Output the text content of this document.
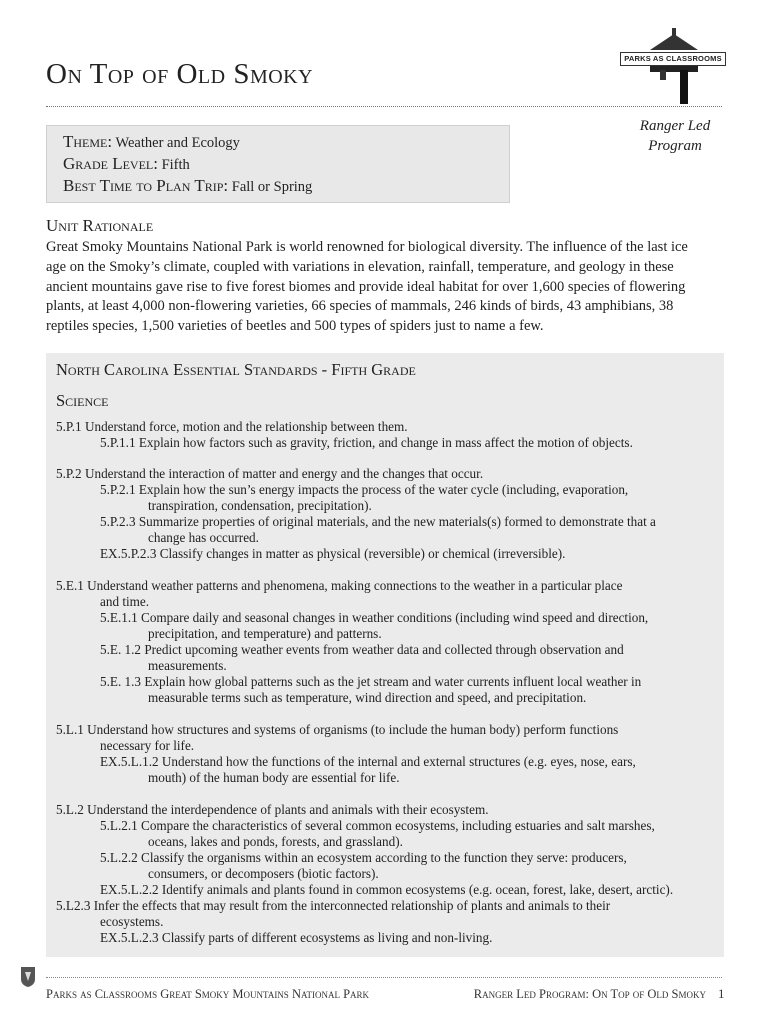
On Top of Old Smoky	PARKS AS CLASSROOMS
Ranger Led
Program
Theme: Weather and Ecology
Grade Level: Fifth
Best Time to Plan Trip: Fall or Spring
Unit Rationale
Great Smoky Mountains National Park is world renowned for biological diversity. The influence of the last ice
age on the Smoky’s climate, coupled with variations in elevation, rainfall, temperature, and geology in these
ancient mountains gave rise to five forest biomes and provide ideal habitat for over 1,600 species of flowering
plants, at least 4,000 non-flowering varieties, 66 species of mammals, 246 kinds of birds, 43 amphibians, 38
reptiles species, 1,500 varieties of beetles and 500 types of spiders just to name a few.
North Carolina Essential Standards - Fifth Grade
Science
5.P.1 Understand force, motion and the relationship between them.
5.P.1.1 Explain how factors such as gravity, friction, and change in mass affect the motion of objects.
5.P.2 Understand the interaction of matter and energy and the changes that occur.
5.P.2.1 Explain how the sun’s energy impacts the process of the water cycle (including, evaporation,
transpiration, condensation, precipitation).
5.P.2.3 Summarize properties of original materials, and the new materials(s) formed to demonstrate that a
change has occurred.
EX.5.P.2.3 Classify changes in matter as physical (reversible) or chemical (irreversible).
5.E.1 Understand weather patterns and phenomena, making connections to the weather in a particular place
and time.
5.E.1.1 Compare daily and seasonal changes in weather conditions (including wind speed and direction,
precipitation, and temperature) and patterns.
5.E. 1.2 Predict upcoming weather events from weather data and collected through observation and
measurements.
5.E. 1.3 Explain how global patterns such as the jet stream and water currents influent local weather in
measurable terms such as temperature, wind direction and speed, and precipitation.
5.L.1 Understand how structures and systems of organisms (to include the human body) perform functions
necessary for life.
EX.5.L.1.2 Understand how the functions of the internal and external structures (e.g. eyes, nose, ears,
mouth) of the human body are essential for life.
5.L.2 Understand the interdependence of plants and animals with their ecosystem.
5.L.2.1 Compare the characteristics of several common ecosystems, including estuaries and salt marshes,
oceans, lakes and ponds, forests, and grassland).
5.L.2.2 Classify the organisms within an ecosystem according to the function they serve: producers,
consumers, or decomposers (biotic factors).
EX.5.L.2.2 Identify animals and plants found in common ecosystems (e.g. ocean, forest, lake, desert, arctic).
5.L2.3 Infer the effects that may result from the interconnected relationship of plants and animals to their
ecosystems.
EX.5.L.2.3 Classify parts of different ecosystems as living and non-living.
Parks as Classrooms Great Smoky Mountains National Park	Ranger Led Program: On Top of Old Smoky 1
